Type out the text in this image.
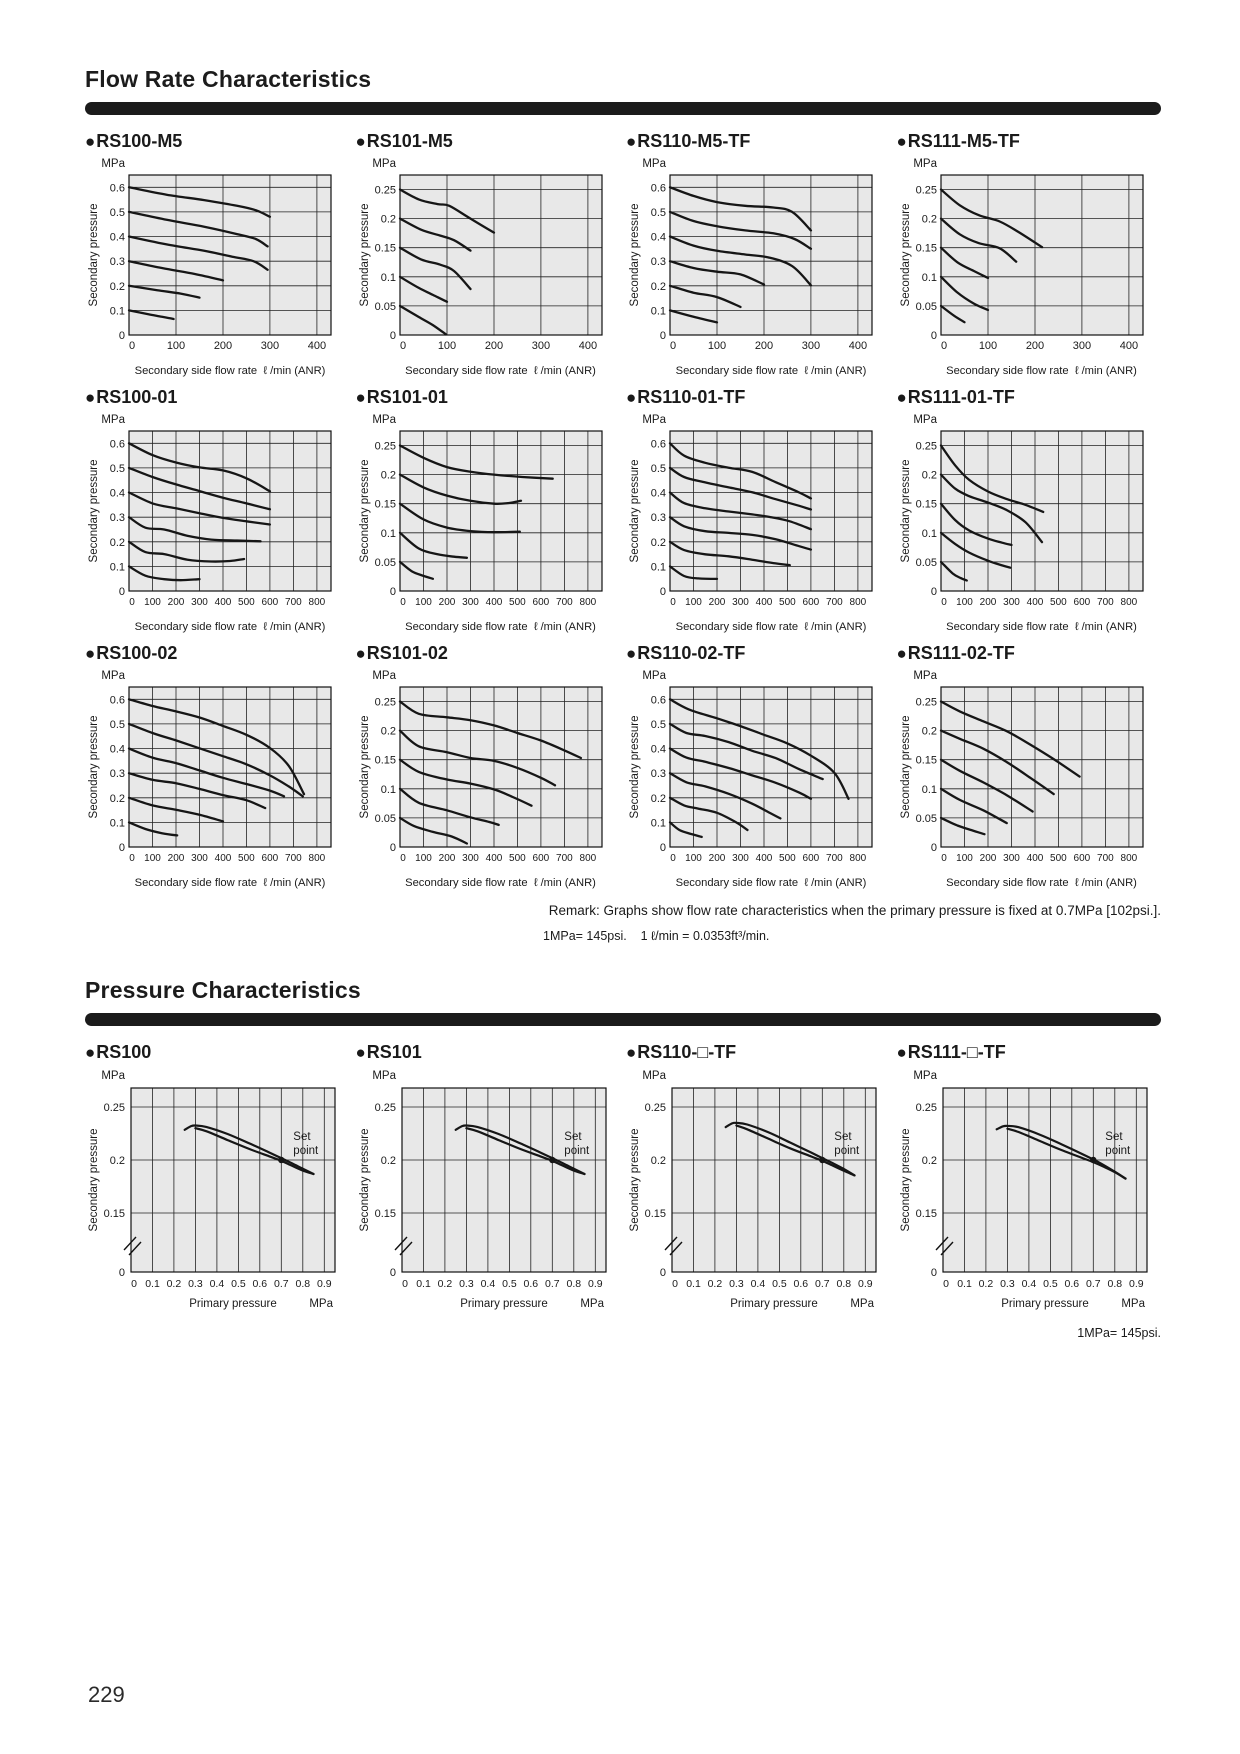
Flow Rate Characteristics
● RS100-M5
MPa
0
0.1
0.2
0.3
0.4
0.5
0.6
0	100	200	300	400
Secondary pressure
Secondary side flow rate ℓ /min (ANR)
● RS101-M5
MPa
0
0.05
0.1
0.15
0.2
0.25
0	100	200	300	400
Secondary pressure
Secondary side flow rate ℓ /min (ANR)
● RS110-M5-TF
MPa
0
0.1
0.2
0.3
0.4
0.5
0.6
0	100	200	300	400
Secondary pressure
Secondary side flow rate ℓ /min (ANR)
● RS111-M5-TF
MPa
0
0.05
0.1
0.15
0.2
0.25
0	100	200	300	400
Secondary pressure
Secondary side flow rate ℓ /min (ANR)
● RS100-01
MPa
0
0.1
0.2
0.3
0.4
0.5
0.6
0 100 200 300 400 500 600 700 800
Secondary pressure
Secondary side flow rate ℓ /min (ANR)
● RS101-01
MPa
0
0.05
0.1
0.15
0.2
0.25
0 100 200 300 400 500 600 700 800
Secondary pressure
Secondary side flow rate ℓ /min (ANR)
● RS110-01-TF
MPa
0
0.1
0.2
0.3
0.4
0.5
0.6
0 100 200 300 400 500 600 700 800
Secondary pressure
Secondary side flow rate ℓ /min (ANR)
● RS111-01-TF
MPa
0
0.05
0.1
0.15
0.2
0.25
0 100 200 300 400 500 600 700 800
Secondary pressure
Secondary side flow rate ℓ /min (ANR)
● RS100-02
MPa
0
0.1
0.2
0.3
0.4
0.5
0.6
0 100 200 300 400 500 600 700 800
Secondary pressure
Secondary side flow rate ℓ /min (ANR)
● RS101-02
MPa
0
0.05
0.1
0.15
0.2
0.25
0 100 200 300 400 500 600 700 800
Secondary pressure
Secondary side flow rate ℓ /min (ANR)
● RS110-02-TF
MPa
0
0.1
0.2
0.3
0.4
0.5
0.6
0 100 200 300 400 500 600 700 800
Secondary pressure
Secondary side flow rate ℓ /min (ANR)
● RS111-02-TF
MPa
0
0.05
0.1
0.15
0.2
0.25
0 100 200 300 400 500 600 700 800
Secondary pressure
Secondary side flow rate ℓ /min (ANR)
Remark: Graphs show flow rate characteristics when the primary pressure is fixed at 0.7MPa [102psi.].
1MPa= 145psi.    1 ℓ/min = 0.0353ft³/min.
Pressure Characteristics
● RS100
Set
point
MPa
0
0.15
0.2
0.25
0 0.1 0.2 0.3 0.4 0.5 0.6 0.7 0.8 0.9
Secondary pressure
Primary pressure	MPa
● RS101
Set
point
MPa
0
0.15
0.2
0.25
0 0.1 0.2 0.3 0.4 0.5 0.6 0.7 0.8 0.9
Secondary pressure
Primary pressure	MPa
● RS110-□-TF
Set
point
MPa
0
0.15
0.2
0.25
0 0.1 0.2 0.3 0.4 0.5 0.6 0.7 0.8 0.9
Secondary pressure
Primary pressure	MPa
● RS111-□-TF
Set
point
MPa
0
0.15
0.2
0.25
0 0.1 0.2 0.3 0.4 0.5 0.6 0.7 0.8 0.9
Secondary pressure
Primary pressure	MPa
1MPa= 145psi.
229
